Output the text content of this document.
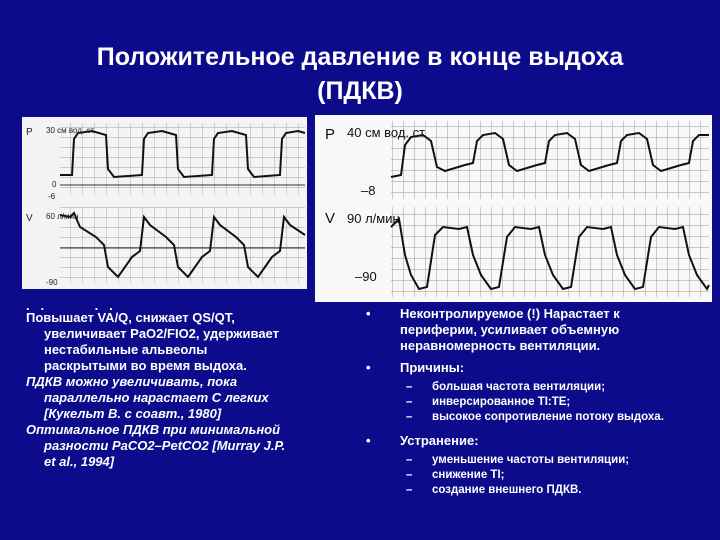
Положительное давление в конце выдоха
(ПДКВ)
P 30 см вод. ст.
0
-6
V 60 л/мин
-90
P 40 см вод. ст.
–8
V 90 л/мин
–90
.   .              .   .

Повышает VA/Q, снижает QS/QT,

увеличивает PaO2/FIO2, удерживает

нестабильные альвеолы

раскрытыми во время выдоха.

ПДКВ можно увеличивать, пока

параллельно нарастает С легких

[Кукельт В. с соавт., 1980]

Оптимальное ПДКВ при минимальной

разности PaCO2–PetCO2 [Murray J.P.

et al., 1994]

• Неконтролируемое (!) Нарастает к
периферии, усиливает объемную
неравномерность вентиляции.
• Причины:
– большая частота вентиляции;
– инверсированное TI:TE;
– высокое сопротивление потоку выдоха.
• Устранение:
– уменьшение частоты вентиляции;
– снижение TI;
– создание внешнего ПДКВ.
